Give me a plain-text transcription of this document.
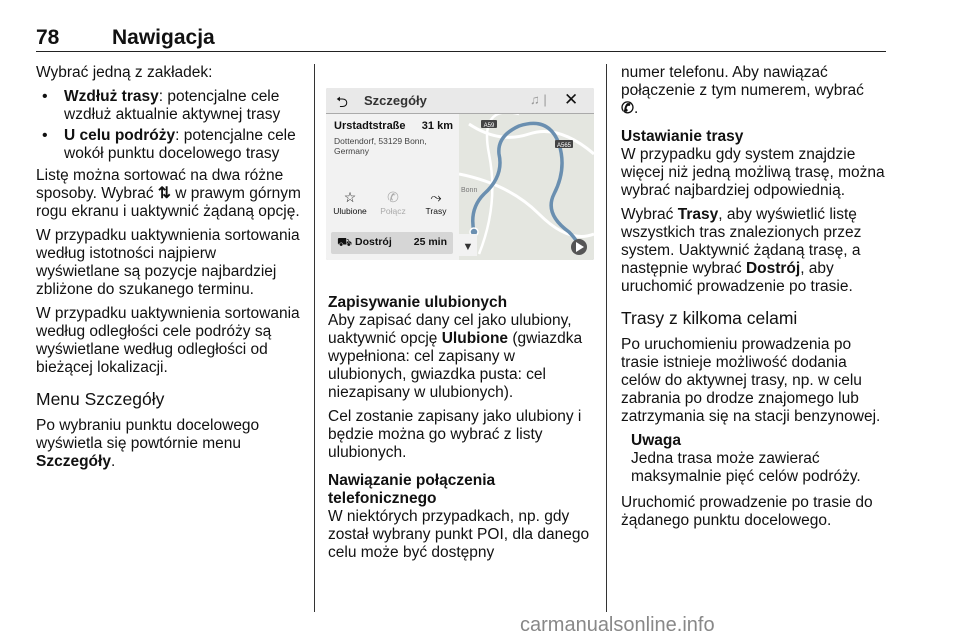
78	Nawigacja

Wybrać jedną z zakładek:

• Wzdłuż trasy: potencjalne cele wzdłuż aktualnie aktywnej trasy
• U celu podróży: potencjalne cele wokół punktu docelowego trasy

Listę można sortować na dwa różne sposoby. Wybrać ⇅ w prawym górnym rogu ekranu i uaktywnić żądaną opcję.

W przypadku uaktywnienia sortowania według istotności najpierw wyświetlane są pozycje najbardziej zbliżone do szukanego terminu.

W przypadku uaktywnienia sortowania według odległości cele podróży są wyświetlane według odległości od bieżącej lokalizacji.

Menu Szczegóły

Po wybraniu punktu docelowego wyświetla się powtórnie menu Szczegóły.

⮌ Szczegóły	♫ | ✕
Urstadtstraße 31 km
Dottendorf, 53129 Bonn, Germany
☆
Ulubione
✆
Połącz
⤳
Trasy
⛟ Dostrój 25 min
A59
A565
Bonn
▼
Zapisywanie ulubionych

Aby zapisać dany cel jako ulubiony, uaktywnić opcję Ulubione (gwiazdka wypełniona: cel zapisany w ulubionych, gwiazdka pusta: cel niezapisany w ulubionych).

Cel zostanie zapisany jako ulubiony i będzie można go wybrać z listy ulubionych.

Nawiązanie połączenia telefonicznego

W niektórych przypadkach, np. gdy został wybrany punkt POI, dla danego celu może być dostępny

numer telefonu. Aby nawiązać połączenie z tym numerem, wybrać
✆.

Ustawianie trasy

W przypadku gdy system znajdzie więcej niż jedną możliwą trasę, można wybrać najbardziej odpowiednią.

Wybrać Trasy, aby wyświetlić listę wszystkich tras znalezionych przez system. Uaktywnić żądaną trasę, a następnie wybrać Dostrój, aby uruchomić prowadzenie po trasie.

Trasy z kilkoma celami

Po uruchomieniu prowadzenia po trasie istnieje możliwość dodania celów do aktywnej trasy, np. w celu zabrania po drodze znajomego lub zatrzymania się na stacji benzynowej.

Uwaga
Jedna trasa może zawierać maksymalnie pięć celów podróży.

Uruchomić prowadzenie po trasie do żądanego punktu docelowego.

carmanualsonline.info
